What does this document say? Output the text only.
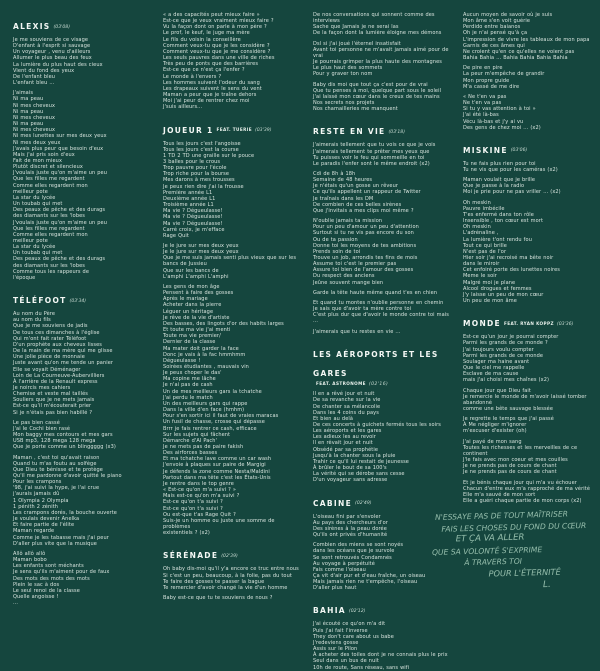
ALEXIS (03'08)
Je me souviens de ce visage
D'enfant à l'esprit si sauvage
Un voyageur , venu d'ailleurs
Allumer le plus beau des feux
La lumière du plus haut des cieux
Vient du fond des yeux
De l'enfant bleu
L'enfant bleu ...
J'aimais
Ni ma peau
Ni mes cheveux
Ni ma peau
Ni mes cheveux
Ni ma peau
Ni mes cheveux
Ni mes lunettes sur mes deux yeux
Ni mes deux yeux
J'avais plus peur que besoin d'eux
Mais j'ai pris soin d'eux
Fait de mon mieux
Plutôt discret et silencieux
J'voulais juste qu'on m'aime un peu
Que les filles me regardent
Comme elles regardent mon
meilleur pote
La star du lycée
Un toubab qui met
Des peaux de pêche et des durags
des diamants sur les 'lobes
J'voulais juste qu'on m'aime un peu
Que les filles me regardent
Comme elles regardent mon
meilleur pote
La star du lycée
Un toubab qui met
Des peaux de pêche et des durags
des diamants sur les 'lobes
Comme tous les rappeurs de
l'époque
TÉLÉFOOT (03'34)
Au nom du Père
au nom du fils
Que je me souviens de jadis
De tous ces dimanches à l'église
Qui m'ont fait rater Téléfoot
D'un prophète aux cheveux lisses
De la main de ma mère qui me glisse
Une jolie pièce de monnaie
Juste avant qu'on me tende un panier
Elle se voyait Déménager
Loin de La Courneuve-Aubervilliers
À l'arrière de la Renault express
Je noircis mes cahiers
Chemise et veste mal taillés
Souliers que je ne mets jamais
Est-ce qu'il m'écouterait prier
Si je n'étais pas bien habillé ?
Le pas bien cassé
J'ai le Cochi bien rasé
Mon baggy mes contours et mes gars
USB mp3, 128 mega 128 mega
Que je porte comme un blinggggg (x3)
Maman , c'est toi qu'avait raison
Quand tu m'as foutu au solfège
Que Dieu te bénisse et te protège
Qu'il me pardonne d'avoir quitté le piano
Pour les crampons
'98, j'ai suivi la hype, je l'ai crue
j'aurais jamais dû
1 Olympia 2 Olympia
1 pénith 2 zénith
Les crampons dorés, la bouche ouverte
Je voulais devenir Anelka
Et faire partie de l'élite
Maman regarde
Comme je les tabasse mais j'ai peur
D'aller plus vite que la musique
Allô allô allô
Maman bobo
Les enfants sont méchants
Je sens qu'ils m'aiment pour de faux
Des mots des mots des mots
Plein le sac à dos
Le seul renoi de la classe
Quelle angoisse !
...
« a des capacités peut mieux faire »
Est-ce que je veux vraiment mieux faire ?
Vu la façon dont on parle à mon père ?
Le prof, le keuf, le juge ma mère
Le fils du voisin la conseillère
Comment veux-tu que je les considère ?
Comment veux-tu que je me considère ?
Les seuls pauvres dans une ville de riches
Très peu de ponts que des barrières
Est-ce que ce n'est ça l'enfer ?
Le monde à l'envers ?
Les hommes suivent l'odeur du sang
Les drapeaux suivent le sens du vent
Maman a peur que je traîne dehors
Moi j'ai peur de rentrer chez moi
J'suis ailleurs...
JOUEUR 1 FEAT. TUERIE (03'39)
Tous les jours c'est l'angoisse
Tous les jours c'est la course
1 TD 2 TD une graille sur le pouce
3 balles pour le crous
Trop pauvre pour l'école
Trop riche pour la bourse
Mes darons à mes trousses
Je peux rien dire j'ai la frousse
Première année L1
Deuxième année L1
Troisième année L1
Ma vie ? Dégueulasse!
Ma vie ? Dégueulasse!
Ma vie ? Dégueulasse!
Carré croix, je m'efface
Rage Quit
Je le jure sur mes deux yeux
Je le jure sur mes deux yeux
Que je me suis jamais senti plus vieux que sur les bancs de Jussieu
Que sur les bancs de
L'amphi L'amphi L'amphi
Les gens de mon âge
Pensent à faire des gosses
Après le mariage
Acheter dans la pierre
Léguer un héritage
Je rêve de la vie d'artiste
Des basses, des lingots d'or des habits larges
Et toute ma vie j'ai menti
Toute ma vie premier/
Dernier de la classe
Ma mater doit garder la face
Donc je vais à la fac hmmhmm
Dégueulasse !
Soirées étudiantes , mauvais vin
Je peux choper le das'
Ma copine me lâche
Je n'ai pas de cash
Un de mes meilleurs gars la tchatche
J'ai perdu le match
Un des meilleurs gars qui rappe
Dans la ville d'en face (hmhm)
Pour s'en sortir ici il faut de vraies maracas
Un fusil de chasse, crosse qui dépasse
Brrr je fais rentrer ce cash, efficace
Sur les sujets qui fâchent
Démarche d'Al Pach'
Je ne mets pas de paire fakish
Des airforces basses
Et ma tchatche lave comme un car wash
J'envoie à plaques sur paire de Margigi
Je défends la zone comme Nesta/Maldini
Partout dans ma tête c'est les États-Unis
Je rentre dans le top genre
« Est-ce qu'on m'a suivi ? »
Mais est-ce qu'on m'a suivi ?
Est-ce qu'on t'a suivi ?
Est-ce qu'on t'a suivi ?
Ou est-que t'as Rage Quit ?
Suis-je un homme ou juste une somme de problèmes
existentiels ? (x2)
SÉRÉNADE (02'39)
Oh baby dis-moi qu'il y'a encore ce truc entre nous
Si c'est un peu, beaucoup, à la folie, pas du tout
Te faire des gosses te passer la bague
Te remercier d'avoir changé la vie d'un homme
Baby est-ce que tu te souviens de nous ?
De nos conversations qui sonnent comme des interviews
Sache que Jamais je ne serai las
De la façon dont la lumière éloigne mes démons
Dsl si j'ai joué l'éternel insatisfait
Avant toi personne ne m'avait jamais aimé pour de vrai
Je pourrais grimper la plus haute des montagnes
Le plus haut des sommets
Pour y graver ton nom
Baby dis moi que tout ça c'est pour de vrai
Que tu penses à moi, quelque part sous le soleil
J'ai laissé mon cœur dans le creux de tes mains
Nos secrets nos projets
Nos chamailleries me manquent
RESTE EN VIE (03'18)
J'aimerais tellement que tu vois ce que je vois
J'aimerais tellement te prêter mes yeux que
Tu puisses voir le feu qui sommeille en toi
Le paradis l'enfer sont le même endroit (x2)
Cdi de 8h à 18h
Semaine de 48 heures
Je n'étais qu'un gosse un rêveur
Ce qu'ils appellent un rappeur de Twitter
Je traînais dans les DM
De combien de ces belles sirènes
Que j'invitais a mes clips moi même ?
N'oublie jamais ta mission
Pour un peu d'amour un peu d'attention
Surtout si tu ne vis pas encore du son
Ou de ta passion
Donne toi les moyens de tes ambitions
Prends soin de toi
Trouve un job, arrondis tes fins de mois
Assume toi c'est le premier pas
Assure toi bien de l'amour des gosses
Du respect des anciens
Jeûne souvent mange bien
Garde la tête haute même quand t'es en chien
Et quand tu montes n'oublie personne en chemin
Je sais que d'avoir ta mère contre toi
C'est plus dur que d'avoir le monde contre toi mais ...
J'aimerais que tu restes en vie ...
LES AÉROPORTS ET LES GARES
FEAT. ASTRONOME (02'16)
Il en a rêvé jour et nuit
De sa revanche sur la vie
De chanter sa mélancolie
Dans les 4 coins du pays
Et bien au delà
De ces concerts à guichets fermés tous les soirs
Les aéroports et les gares
Les adieux les au revoir
Il en rêvait jour et nuit
Obsédé par sa prophétie
Jusqu'à la chanter sous la pluie
Trahir ce qu'il lui restait de jeunesse
À brûler le bout de sa 100's
La vérité qui se dérobe sans cesse
D'un voyageur sans adresse
CABINE (02'49)
L'oiseau fini par s'envoler
Au pays des chercheurs d'or
Des sirènes à la peau dorée
Qu'ils ont privés d'humanité
Combien des miens se sont noyés
dans les océans que je survole
Se sont retrouvés Condamnés
Au voyage à perpétuité
Fais comme l'oiseau
Ça vit d'air pur et d'eau fraîche, un oiseau
Mais jamais rien ne t'empêche, l'oiseau
D'aller plus haut
BAHIA (02'12)
J'ai écouté ce qu'on m'a dit
Puis j'ai fait l'inverse
They don't care about us babe
J'redeviens gosse
Assis sur le Pilon
À acheter des toiles dont je ne connais plus le prix
Seul dans un bus de nuit
10h de route, Sans réseau, sans wifi
Aucun moyen de savoir où je suis
Mon âme s'en voit guérie
Perdido entre baianos
Oh je n'ai pensé qu'à ça
L'impression de vivre les tableaux de mon papa
Garnis de ces âmes qui
Ne croient qu'en ce qu'elles ne voient pas
Bahia Bahia ... Bahia Bahia Bahia Bahia
De pire en pire
La peur m'empêche de grandir
Mon propre guide
M'a cassé de me dire
« Ne t'en va pas
Ne t'en va pas
Si tu y vas attention à toi »
J'ai été là-bas
Vécu là-bas et j'y ai vu
Des gens de chez moi ... (x2)
MISKINE (03'06)
Tu ne fais plus rien pour toi
Tu ne vis que pour les caméras (x2)
Maman voulait que je brille
Que je passe à la radio
Moi je prie pour ne pas vriller ... (x2)
Oh meskin
Pauvre imbécile
T'es enfermé dans ton rôle
Insensible , ton cœur est mort
Oh meskin
L'adrénaline ,
La lumière t'ont rendu fou
Tout ce qui brille
N'est pas de l'or
Hier soir j'ai recroisé ma bête noir
dans le miroir
Cet enfoiré porte des lunettes noires
Meme le soir
Malgré moi je plane
Alcool drogues et femmes
J'y laisse un peu de mon cœur
Un peu de mon âme
MONDE FEAT. RYAN KOPPZ (03'36)
Est-ce qu'un jour je pourrai compter
Parmi les grands de ce monde ?
J'ai toujours voulu compter
Parmi les grands de ce monde
Soulager ma haine avant
Que le ciel me rappelle
Esclave de ma cause
mais j'ai choisi mes chaînes (x2)
Chaque jour que Dieu fait
Je remercie le monde de m'avoir laissé tomber
abandonné
comme une bête sauvage blessée
Je regrette le temps que j'ai passé
À Me négliger m'ignorer
m'excuser d'exister (oh)
J'ai payé de mon sang
Toutes les richesses et les merveilles de ce continent
J'le fais avec mon coeur et mes couilles
Je ne prends pas de cours de chant
Je ne prends pas de cours de chant
Et je bénis chaque jour qui m'a vu échouer
Chacun d'entre eux m'a rapproché de ma vérité
Elle m'a sauvé de mon sort
Elle a guéri chaque partie de mon corps (x2)
N'ESSAYE PAS DE TOUT MAÎTRISER
FAIS LES CHOSES DU FOND DU CŒUR
ET ÇA VA ALLER
QUE SA VOLONTÉ S'EXPRIME
À TRAVERS TOI
POUR L'ÉTERNITÉ
L.
